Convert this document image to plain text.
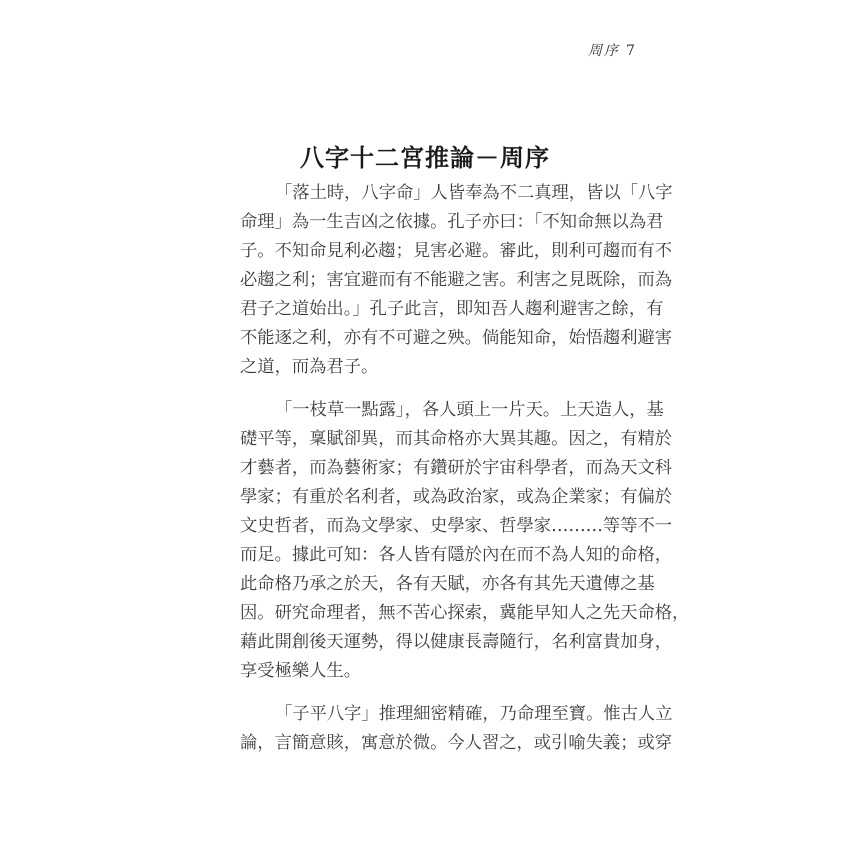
周序 7
八字十二宮推論－周序

「落土時，八字命」人皆奉為不二真理，皆以「八字
命理」為一生吉凶之依據。孔子亦曰：「不知命無以為君
子。不知命見利必趨；見害必避。審此，則利可趨而有不
必趨之利；害宜避而有不能避之害。利害之見既除，而為
君子之道始出。」孔子此言，即知吾人趨利避害之餘，有
不能逐之利，亦有不可避之殃。倘能知命，始悟趨利避害
之道，而為君子。

「一枝草一點露」，各人頭上一片天。上天造人，基
礎平等，稟賦卻異，而其命格亦大異其趣。因之，有精於
才藝者，而為藝術家；有鑽研於宇宙科學者，而為天文科
學家；有重於名利者，或為政治家，或為企業家；有偏於
文史哲者，而為文學家、史學家、哲學家………等等不一
而足。據此可知：各人皆有隱於內在而不為人知的命格，
此命格乃承之於天，各有天賦，亦各有其先天遺傳之基
因。研究命理者，無不苦心探索，冀能早知人之先天命格，
藉此開創後天運勢，得以健康長壽隨行，名利富貴加身，
享受極樂人生。

「子平八字」推理細密精確，乃命理至寶。惟古人立
論，言簡意賅，寓意於微。今人習之，或引喻失義；或穿
